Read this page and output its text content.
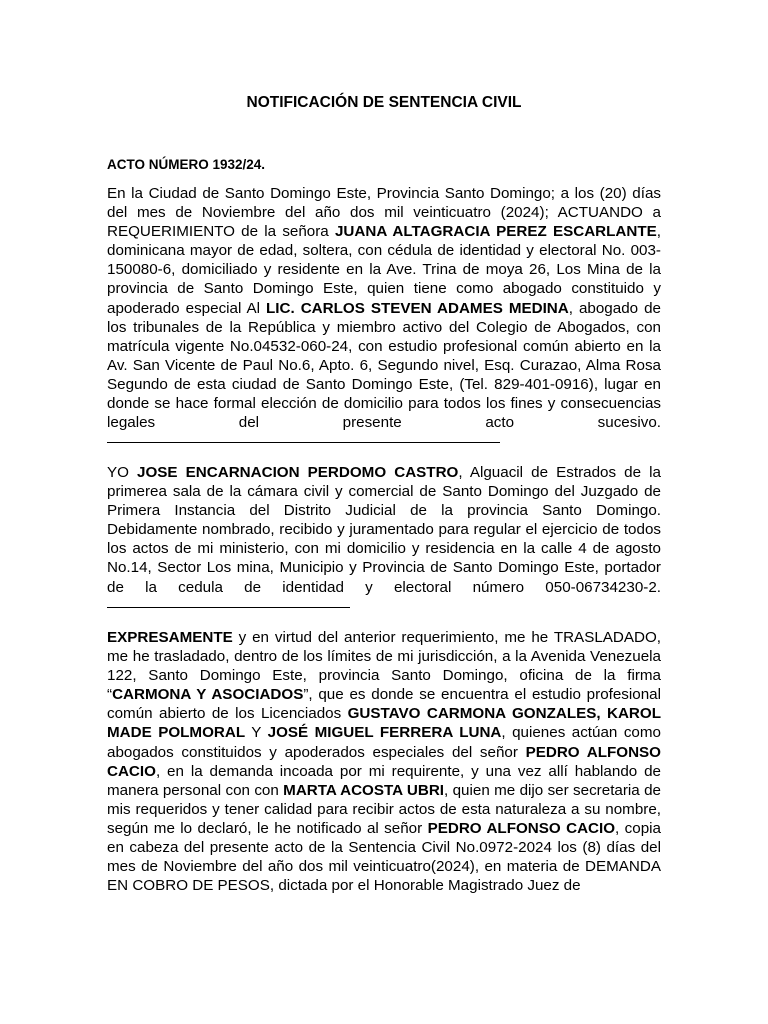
NOTIFICACIÓN DE SENTENCIA CIVIL
ACTO NÚMERO 1932/24.

En la Ciudad de Santo Domingo Este, Provincia Santo Domingo; a los (20) días del mes de Noviembre del año dos mil veinticuatro (2024); ACTUANDO a REQUERIMIENTO de la señora JUANA ALTAGRACIA PEREZ ESCARLANTE, dominicana mayor de edad, soltera, con cédula de identidad y electoral No. 003-150080-6, domiciliado y residente en la Ave. Trina de moya 26, Los Mina de la provincia de Santo Domingo Este, quien tiene como abogado constituido y apoderado especial Al LIC. CARLOS STEVEN ADAMES MEDINA, abogado de los tribunales de la República y miembro activo del Colegio de Abogados, con matrícula vigente No.04532-060-24, con estudio profesional común abierto en la Av. San Vicente de Paul No.6, Apto. 6, Segundo nivel, Esq. Curazao, Alma Rosa Segundo de esta ciudad de Santo Domingo Este, (Tel. 829-401-0916), lugar en donde se hace formal elección de domicilio para todos los fines y consecuencias legales del presente acto sucesivo.

YO JOSE ENCARNACION PERDOMO CASTRO, Alguacil de Estrados de la primerea sala de la cámara civil y comercial de Santo Domingo del Juzgado de Primera Instancia del Distrito Judicial de la provincia Santo Domingo. Debidamente nombrado, recibido y juramentado para regular el ejercicio de todos los actos de mi ministerio, con mi domicilio y residencia en la calle 4 de agosto No.14, Sector Los mina, Municipio y Provincia de Santo Domingo Este, portador de la cedula de identidad y electoral número 050-06734230-2.

EXPRESAMENTE y en virtud del anterior requerimiento, me he TRASLADADO, me he trasladado, dentro de los límites de mi jurisdicción, a la Avenida Venezuela 122, Santo Domingo Este, provincia Santo Domingo, oficina de la firma “CARMONA Y ASOCIADOS”, que es donde se encuentra el estudio profesional común abierto de los Licenciados GUSTAVO CARMONA GONZALES, KAROL MADE POLMORAL Y JOSÉ MIGUEL FERRERA LUNA, quienes actúan como abogados constituidos y apoderados especiales del señor PEDRO ALFONSO CACIO, en la demanda incoada por mi requirente, y una vez allí hablando de manera personal con con MARTA ACOSTA UBRI, quien me dijo ser secretaria de mis requeridos y tener calidad para recibir actos de esta naturaleza a su nombre, según me lo declaró, le he notificado al señor PEDRO ALFONSO CACIO, copia en cabeza del presente acto de la Sentencia Civil No.0972-2024 los (8) días del mes de Noviembre del año dos mil veinticuatro(2024), en materia de DEMANDA EN COBRO DE PESOS, dictada por el Honorable Magistrado Juez de
